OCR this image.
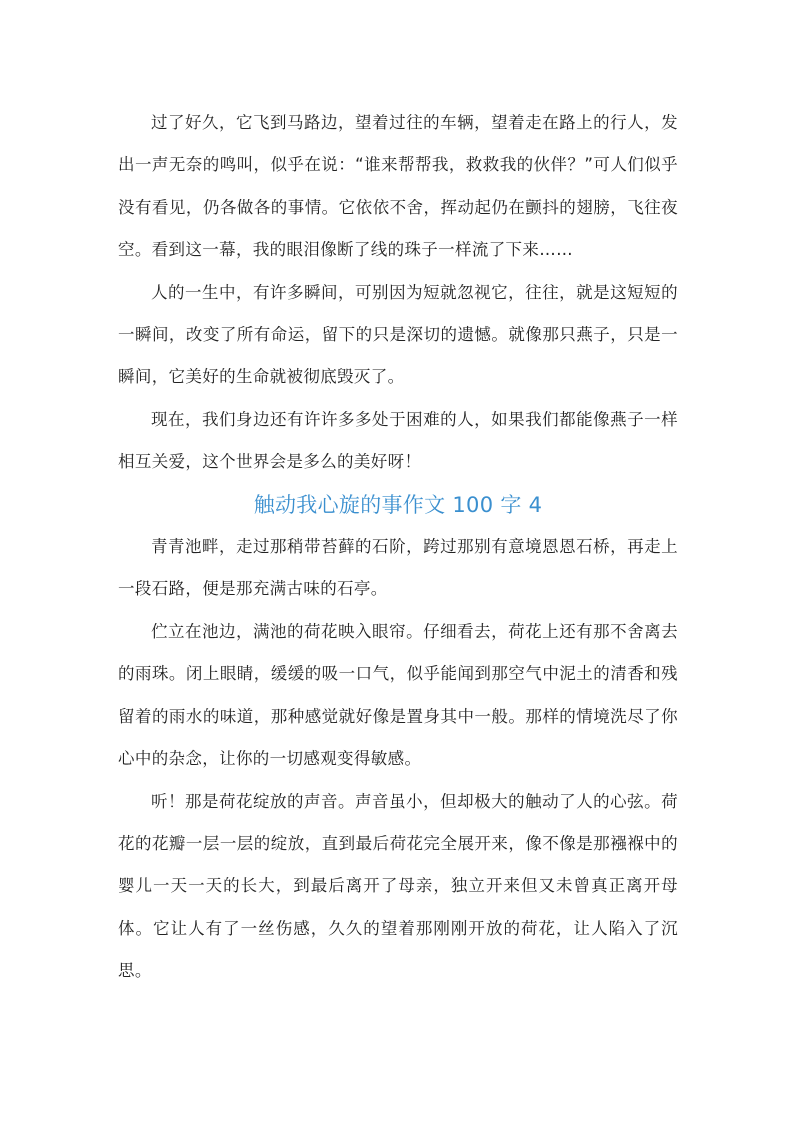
过了好久，它飞到马路边，望着过往的车辆，望着走在路上的行人，发出一声无奈的鸣叫，似乎在说：“谁来帮帮我，救救我的伙伴？”可人们似乎没有看见，仍各做各的事情。它依依不舍，挥动起仍在颤抖的翅膀，飞往夜空。看到这一幕，我的眼泪像断了线的珠子一样流了下来……

人的一生中，有许多瞬间，可别因为短就忽视它，往往，就是这短短的一瞬间，改变了所有命运，留下的只是深切的遗憾。就像那只燕子，只是一瞬间，它美好的生命就被彻底毁灭了。

现在，我们身边还有许许多多处于困难的人，如果我们都能像燕子一样相互关爱，这个世界会是多么的美好呀！

触动我心旋的事作文 100 字 4

青青池畔，走过那稍带苔藓的石阶，跨过那别有意境恩恩石桥，再走上一段石路，便是那充满古味的石亭。

伫立在池边，满池的荷花映入眼帘。仔细看去，荷花上还有那不舍离去的雨珠。闭上眼睛，缓缓的吸一口气，似乎能闻到那空气中泥土的清香和残留着的雨水的味道，那种感觉就好像是置身其中一般。那样的情境洗尽了你心中的杂念，让你的一切感观变得敏感。

听！那是荷花绽放的声音。声音虽小，但却极大的触动了人的心弦。荷花的花瓣一层一层的绽放，直到最后荷花完全展开来，像不像是那襁褓中的婴儿一天一天的长大，到最后离开了母亲，独立开来但又未曾真正离开母体。它让人有了一丝伤感，久久的望着那刚刚开放的荷花，让人陷入了沉思。
